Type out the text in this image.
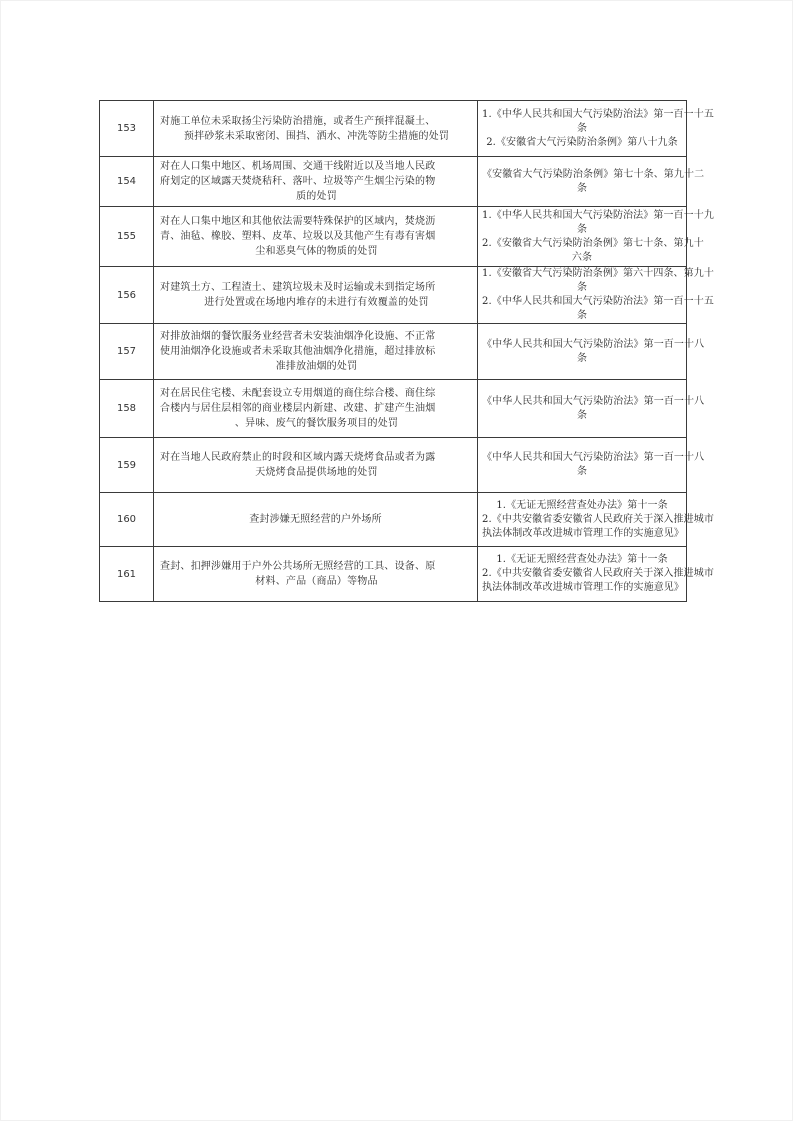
153	对施工单位未采取扬尘污染防治措施，或者生产预拌混凝土、
预拌砂浆未采取密闭、围挡、洒水、冲洗等防尘措施的处罚	1.《中华人民共和国大气污染防治法》第一百一十五
条
2.《安徽省大气污染防治条例》第八十九条

154	对在人口集中地区、机场周围、交通干线附近以及当地人民政
府划定的区域露天焚烧秸秆、落叶、垃圾等产生烟尘污染的物
质的处罚	《安徽省大气污染防治条例》第七十条、第九十二
条

155	对在人口集中地区和其他依法需要特殊保护的区域内，焚烧沥
青、油毡、橡胶、塑料、皮革、垃圾以及其他产生有毒有害烟
尘和恶臭气体的物质的处罚	1.《中华人民共和国大气污染防治法》第一百一十九
条
2.《安徽省大气污染防治条例》第七十条、第九十
六条

156	对建筑土方、工程渣土、建筑垃圾未及时运输或未到指定场所
进行处置或在场地内堆存的未进行有效覆盖的处罚	1.《安徽省大气污染防治条例》第六十四条、第九十
条
2.《中华人民共和国大气污染防治法》第一百一十五
条

157	对排放油烟的餐饮服务业经营者未安装油烟净化设施、不正常
使用油烟净化设施或者未采取其他油烟净化措施，超过排放标
准排放油烟的处罚	《中华人民共和国大气污染防治法》第一百一十八
条

158	对在居民住宅楼、未配套设立专用烟道的商住综合楼、商住综
合楼内与居住层相邻的商业楼层内新建、改建、扩建产生油烟
、异味、废气的餐饮服务项目的处罚	《中华人民共和国大气污染防治法》第一百一十八
条

159	对在当地人民政府禁止的时段和区域内露天烧烤食品或者为露
天烧烤食品提供场地的处罚	《中华人民共和国大气污染防治法》第一百一十八
条

160	查封涉嫌无照经营的户外场所	1.《无证无照经营查处办法》第十一条
2.《中共安徽省委安徽省人民政府关于深入推进城市
执法体制改革改进城市管理工作的实施意见》

161	查封、扣押涉嫌用于户外公共场所无照经营的工具、设备、原
材料、产品（商品）等物品	1.《无证无照经营查处办法》第十一条
2.《中共安徽省委安徽省人民政府关于深入推进城市
执法体制改革改进城市管理工作的实施意见》
